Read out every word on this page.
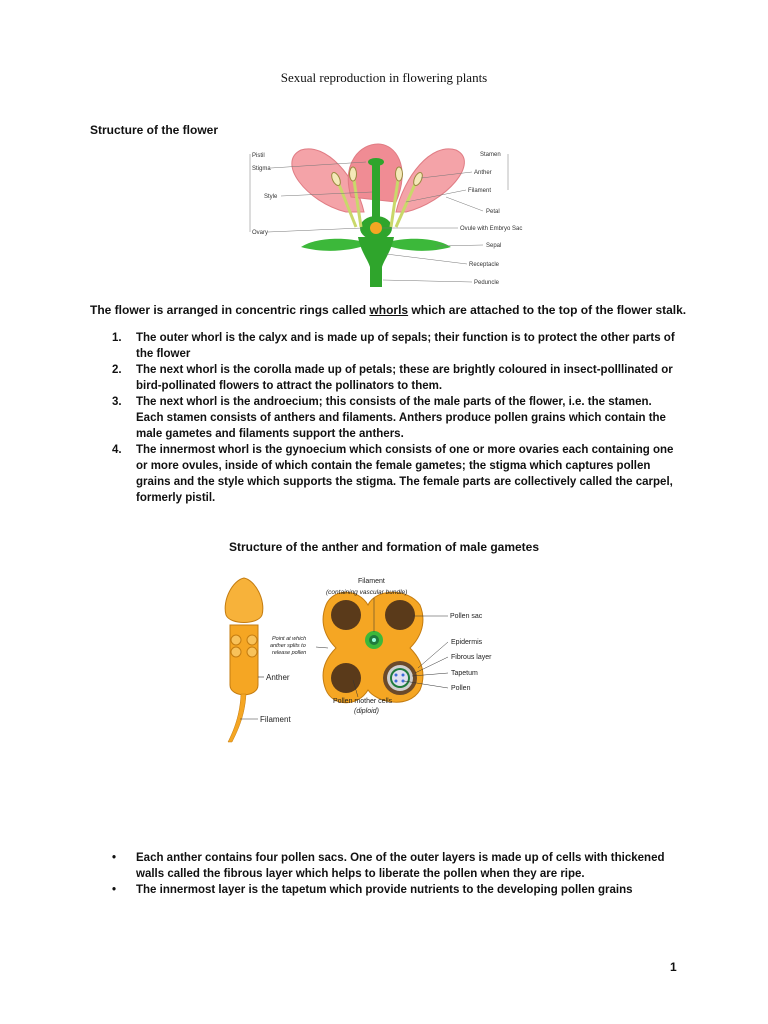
Sexual reproduction in flowering plants
Structure of the flower
Pistil
Stigma
Style
Ovary
Stamen
Anther
Filament
Petal
Ovule with Embryo Sac
Sepal
Receptacle
Peduncle
The flower is arranged in concentric rings called whorls which are attached to the top of the flower stalk.
1. The outer whorl is the calyx and is made up of sepals; their function is to protect the other parts of the flower
2. The next whorl is the corolla made up of petals; these are brightly coloured in insect-polllinated or bird-pollinated flowers to attract the pollinators to them.
3. The next whorl is the androecium; this consists of the male parts of the flower, i.e. the stamen. Each stamen consists of anthers and filaments. Anthers produce pollen grains which contain the male gametes and filaments support the anthers.
4. The innermost whorl is the gynoecium which consists of one or more ovaries each containing one or more ovules, inside of which contain the female gametes; the stigma which captures pollen grains and the style which supports the stigma. The female parts are collectively called the carpel, formerly pistil.
Structure of the anther and formation of male gametes
Anther
Filament
Filament
(containing vascular bundle)
Pollen sac
Epidermis
Fibrous layer
Tapetum
Pollen
Pollen mother cells
(diploid)
Point at which
anther splits to
release pollen
• Each anther contains four pollen sacs. One of the outer layers is made up of cells with thickened walls called the fibrous layer which helps to liberate the pollen when they are ripe.
• The innermost layer is the tapetum which provide nutrients to the developing pollen grains
1
